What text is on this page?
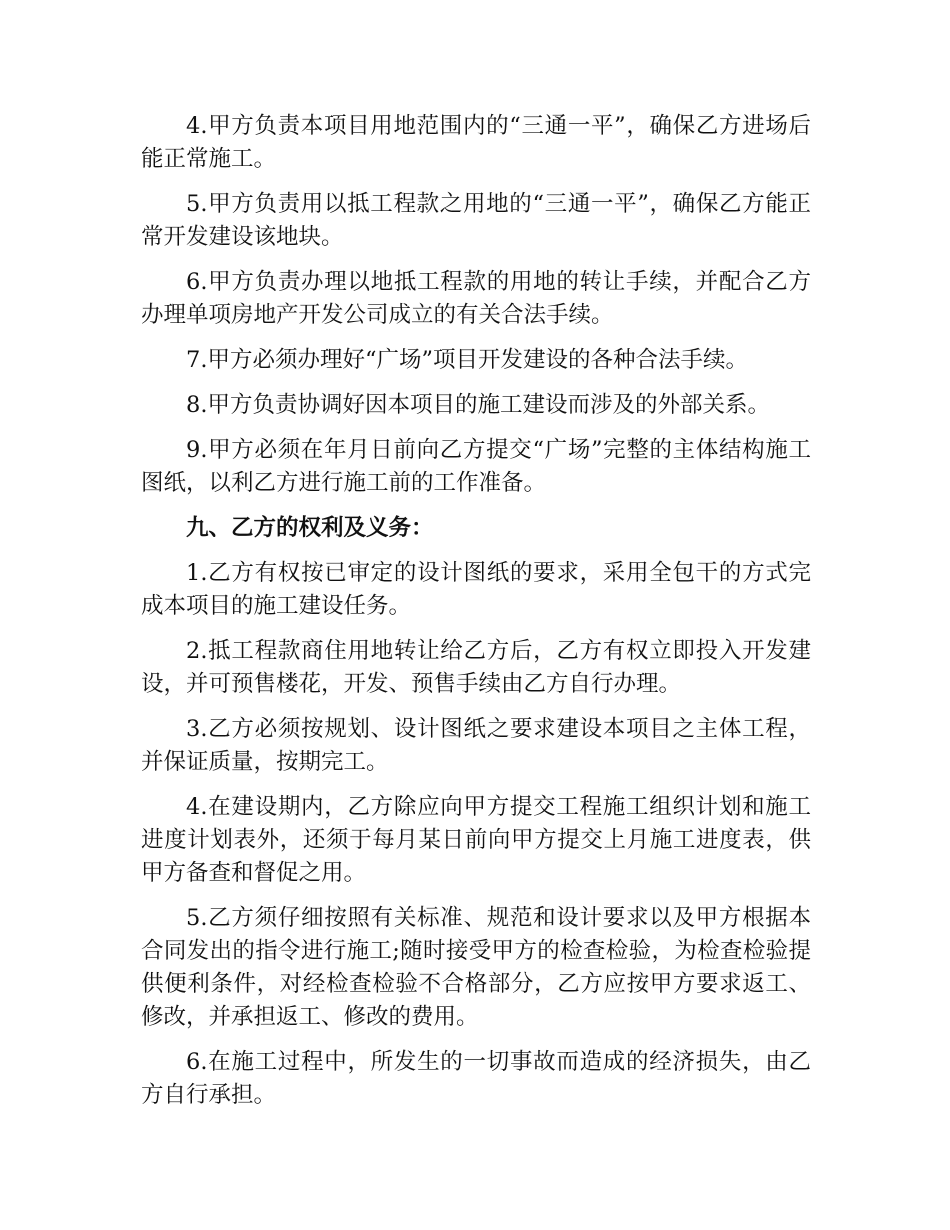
4.甲方负责本项目用地范围内的“三通一平”，确保乙方进场后能正常施工。

5.甲方负责用以抵工程款之用地的“三通一平”，确保乙方能正常开发建设该地块。

6.甲方负责办理以地抵工程款的用地的转让手续，并配合乙方办理单项房地产开发公司成立的有关合法手续。

7.甲方必须办理好“广场”项目开发建设的各种合法手续。

8.甲方负责协调好因本项目的施工建设而涉及的外部关系。

9.甲方必须在年月日前向乙方提交“广场”完整的主体结构施工图纸，以利乙方进行施工前的工作准备。

九、乙方的权利及义务：

1.乙方有权按已审定的设计图纸的要求，采用全包干的方式完成本项目的施工建设任务。

2.抵工程款商住用地转让给乙方后，乙方有权立即投入开发建设，并可预售楼花，开发、预售手续由乙方自行办理。

3.乙方必须按规划、设计图纸之要求建设本项目之主体工程，并保证质量，按期完工。

4.在建设期内，乙方除应向甲方提交工程施工组织计划和施工进度计划表外，还须于每月某日前向甲方提交上月施工进度表，供甲方备查和督促之用。

5.乙方须仔细按照有关标准、规范和设计要求以及甲方根据本合同发出的指令进行施工;随时接受甲方的检查检验，为检查检验提供便利条件，对经检查检验不合格部分，乙方应按甲方要求返工、修改，并承担返工、修改的费用。

6.在施工过程中，所发生的一切事故而造成的经济损失，由乙方自行承担。
